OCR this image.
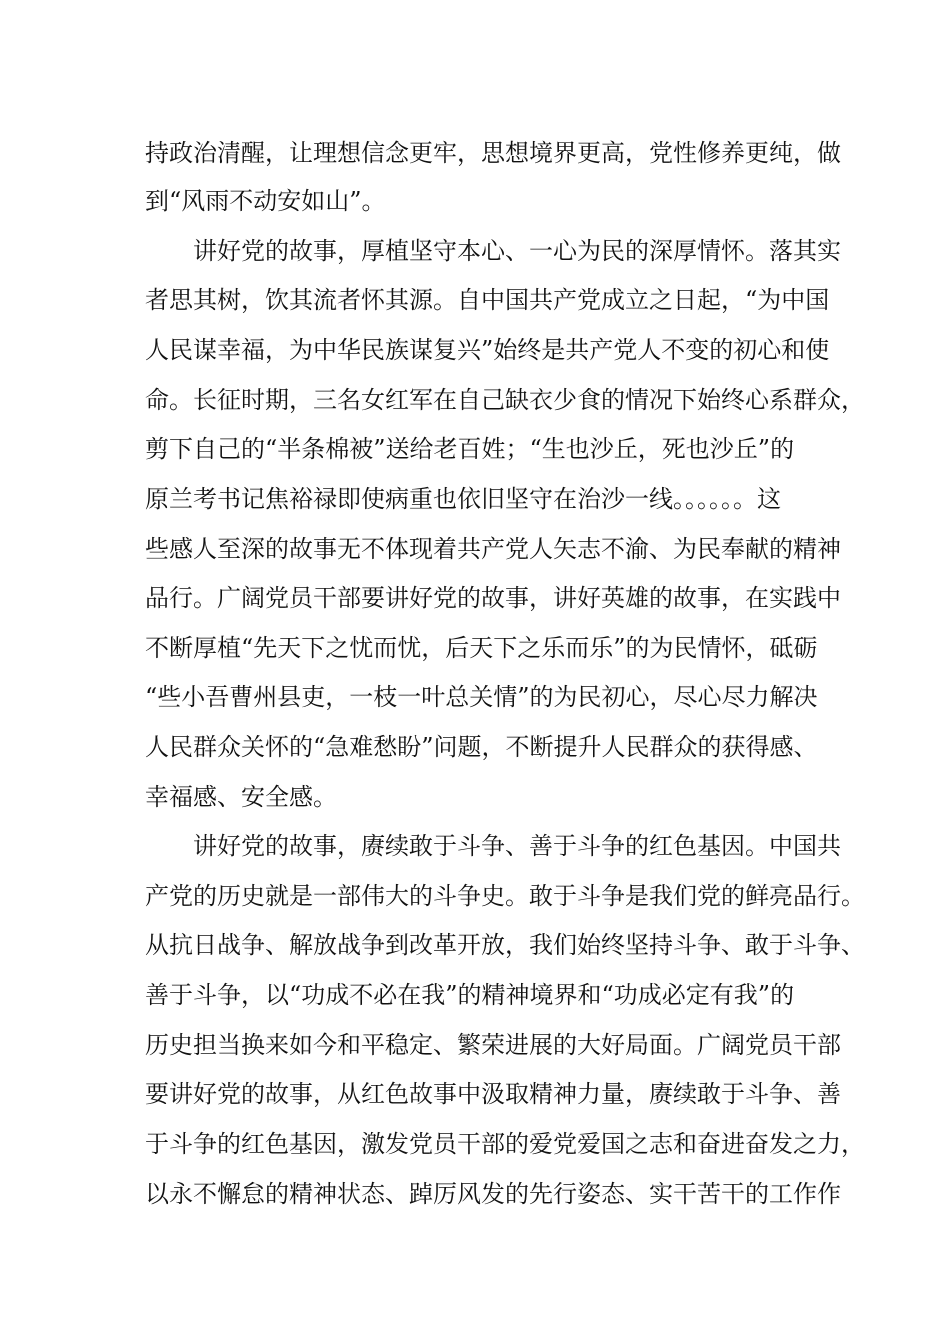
持政治清醒，让理想信念更牢，思想境界更高，党性修养更纯，做

到“风雨不动安如山”。

讲好党的故事，厚植坚守本心、一心为民的深厚情怀。落其实

者思其树，饮其流者怀其源。自中国共产党成立之日起，“为中国

人民谋幸福，为中华民族谋复兴”始终是共产党人不变的初心和使

命。长征时期，三名女红军在自己缺衣少食的情况下始终心系群众，

剪下自己的“半条棉被”送给老百姓；“生也沙丘，死也沙丘”的

原兰考书记焦裕禄即使病重也依旧坚守在治沙一线。。。。。。这

些感人至深的故事无不体现着共产党人矢志不渝、为民奉献的精神

品行。广阔党员干部要讲好党的故事，讲好英雄的故事，在实践中

不断厚植“先天下之忧而忧，后天下之乐而乐”的为民情怀，砥砺

“些小吾曹州县吏，一枝一叶总关情”的为民初心，尽心尽力解决

人民群众关怀的“急难愁盼”问题，不断提升人民群众的获得感、

幸福感、安全感。

讲好党的故事，赓续敢于斗争、善于斗争的红色基因。中国共

产党的历史就是一部伟大的斗争史。敢于斗争是我们党的鲜亮品行。

从抗日战争、解放战争到改革开放，我们始终坚持斗争、敢于斗争、

善于斗争，以“功成不必在我”的精神境界和“功成必定有我”的

历史担当换来如今和平稳定、繁荣进展的大好局面。广阔党员干部

要讲好党的故事，从红色故事中汲取精神力量，赓续敢于斗争、善

于斗争的红色基因，激发党员干部的爱党爱国之志和奋进奋发之力，

以永不懈怠的精神状态、踔厉风发的先行姿态、实干苦干的工作作
